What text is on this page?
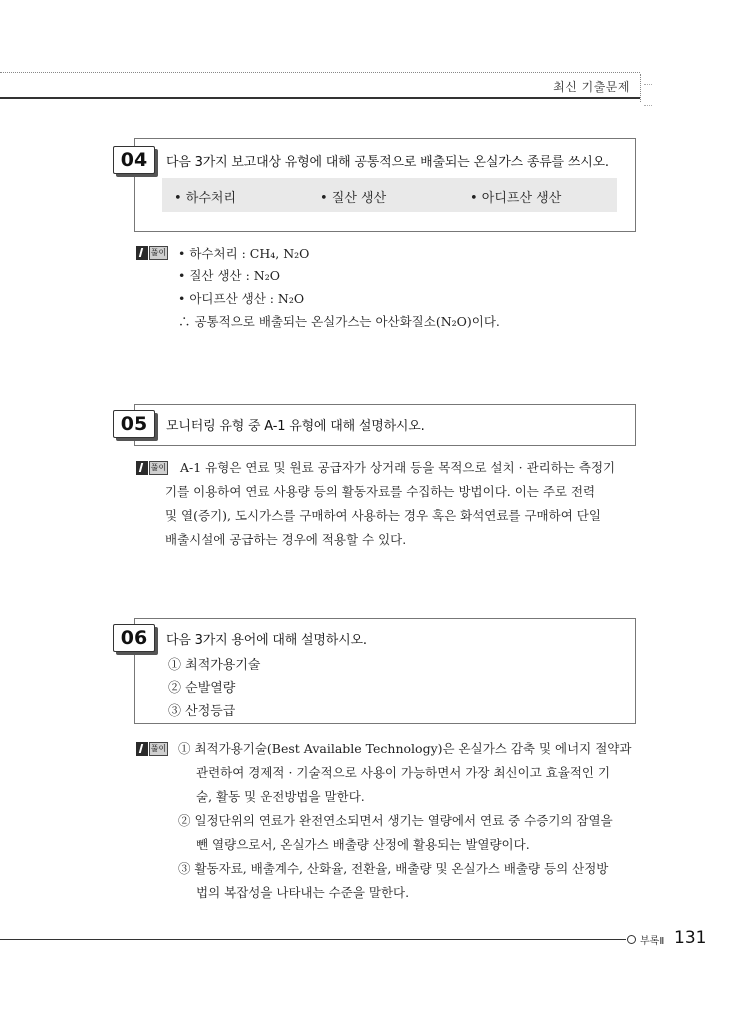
최신 기출문제
04	다음 3가지 보고대상 유형에 대해 공통적으로 배출되는 온실가스 종류를 쓰시오.
• 하수처리	• 질산 생산	• 아디프산 생산
풀이 • 하수처리 : CH₄, N₂O
• 질산 생산 : N₂O
• 아디프산 생산 : N₂O
∴ 공통적으로 배출되는 온실가스는 아산화질소(N₂O)이다.
05	모니터링 유형 중 A-1 유형에 대해 설명하시오.
풀이 A-1 유형은 연료 및 원료 공급자가 상거래 등을 목적으로 설치 · 관리하는 측정기
기를 이용하여 연료 사용량 등의 활동자료를 수집하는 방법이다. 이는 주로 전력
및 열(증기), 도시가스를 구매하여 사용하는 경우 혹은 화석연료를 구매하여 단일
배출시설에 공급하는 경우에 적용할 수 있다.
06	다음 3가지 용어에 대해 설명하시오.
① 최적가용기술
② 순발열량
③ 산정등급
풀이 ① 최적가용기술(Best Available Technology)은 온실가스 감축 및 에너지 절약과
관련하여 경제적 · 기술적으로 사용이 가능하면서 가장 최신이고 효율적인 기
술, 활동 및 운전방법을 말한다.
② 일정단위의 연료가 완전연소되면서 생기는 열량에서 연료 중 수증기의 잠열을
뺀 열량으로서, 온실가스 배출량 산정에 활용되는 발열량이다.
③ 활동자료, 배출계수, 산화율, 전환율, 배출량 및 온실가스 배출량 등의 산정방
법의 복잡성을 나타내는 수준을 말한다.
부록Ⅱ 131
